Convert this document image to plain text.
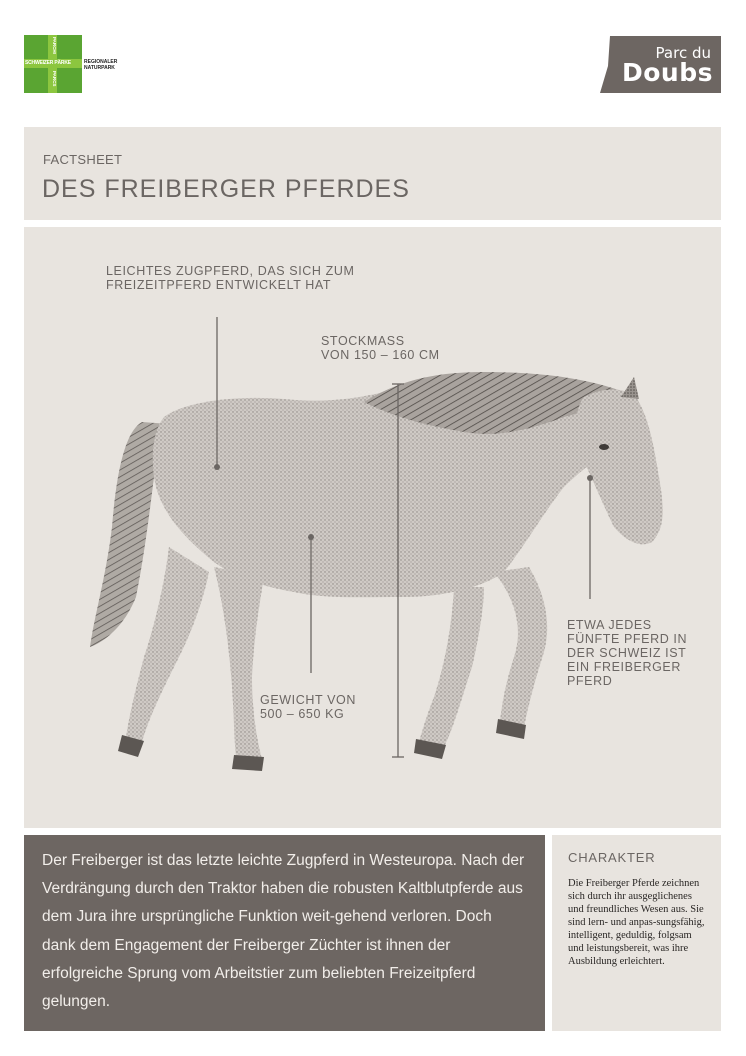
SCHWEIZER PÄRKE
PARCHI
PARCS
REGIONALER
NATURPARK
Parc du
Doubs
FACTSHEET
DES FREIBERGER PFERDES
LEICHTES ZUGPFERD, DAS SICH ZUM
FREIZEITPFERD ENTWICKELT HAT
STOCKMASS
VON 150 – 160 CM
GEWICHT VON
500 – 650 KG
ETWA JEDES
FÜNFTE PFERD IN
DER SCHWEIZ IST
EIN FREIBERGER
PFERD

Der Freiberger ist das letzte leichte Zugpferd in Westeuropa. Nach der Verdrängung durch den Traktor haben die robusten Kaltblutpferde aus dem Jura ihre ursprüngliche Funktion weit-gehend verloren. Doch dank dem Engagement der Freiberger Züchter ist ihnen der erfolgreiche Sprung vom Arbeitstier zum beliebten Freizeitpferd gelungen.

CHARAKTER
Die Freiberger Pferde zeichnen sich durch ihr ausgeglichenes und freundliches Wesen aus. Sie sind lern- und anpas-sungsfähig, intelligent, geduldig, folgsam und leistungsbereit, was ihre Ausbildung erleichtert.
